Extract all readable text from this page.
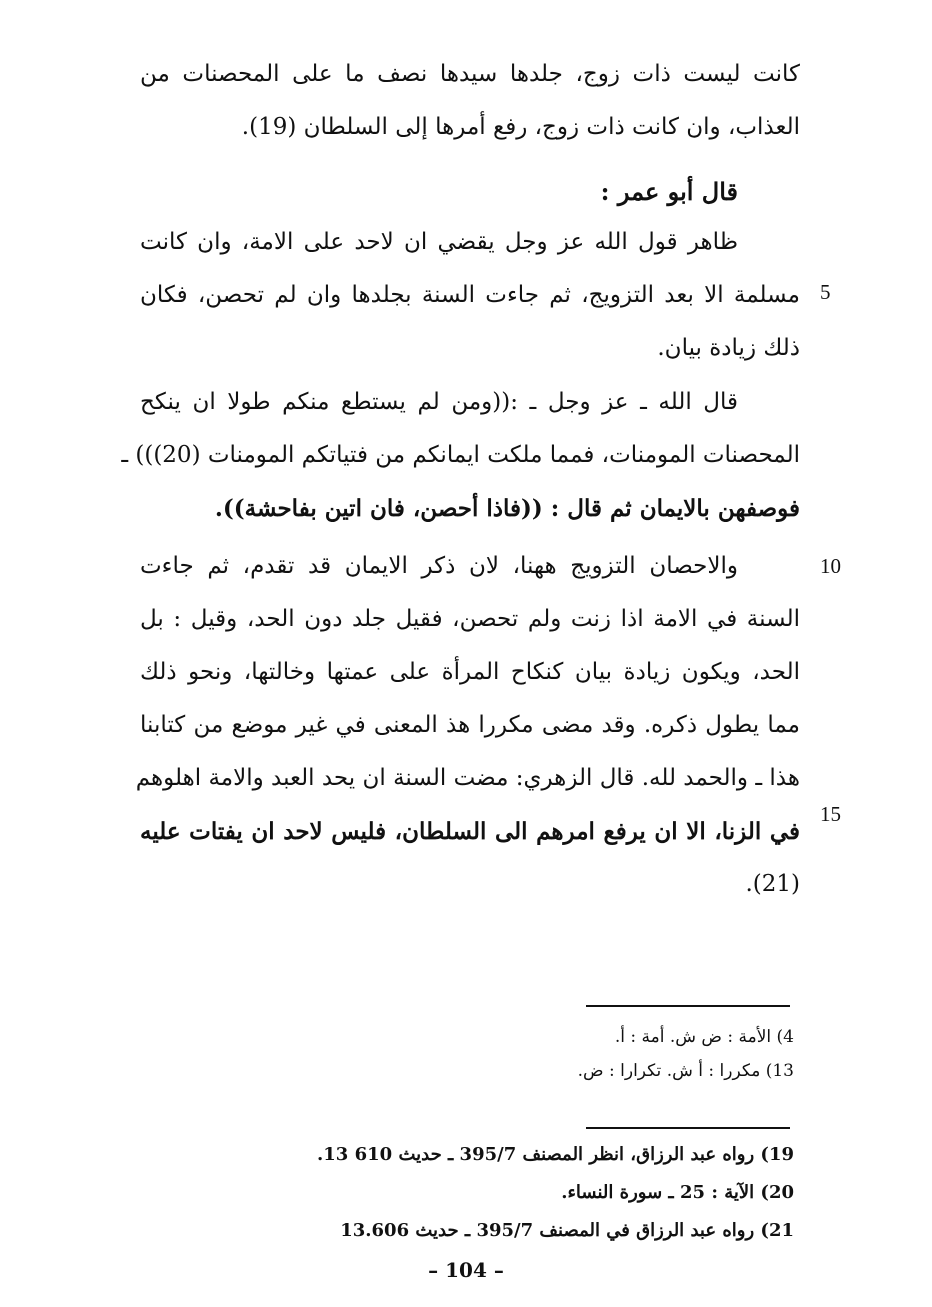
كانت ليست ذات زوج، جلدها سيدها نصف ما على المحصنات من
العذاب، وان كانت ذات زوج، رفع أمرها إلى السلطان (19).
قال أبو عمر :
ظاهر قول الله عز وجل يقضي ان لاحد على الامة، وان كانت
مسلمة الا بعد التزويج، ثم جاءت السنة بجلدها وان لم تحصن، فكان
ذلك زيادة بيان.
قال الله ـ عز وجل ـ :((ومن لم يستطع منكم طولا ان ينكح
المحصنات المومنات، فمما ملكت ايمانكم من فتياتكم المومنات (20))) ـ
فوصفهن بالايمان ثم قال : ((فاذا أحصن، فان اتين بفاحشة)).
والاحصان التزويج ههنا، لان ذكر الايمان قد تقدم، ثم جاءت
السنة في الامة اذا زنت ولم تحصن، فقيل جلد دون الحد، وقيل : بل
الحد، ويكون زيادة بيان كنكاح المرأة على عمتها وخالتها، ونحو ذلك
مما يطول ذكره. وقد مضى مكررا هذ المعنى في غير موضع من كتابنا
هذا ـ والحمد لله. قال الزهري: مضت السنة ان يحد العبد والامة اهلوهم
في الزنا، الا ان يرفع امرهم الى السلطان، فليس لاحد ان يفتات عليه
(21).
5
10
15
4) الأمة : ض ش. أمة : أ.
13) مكررا : أ ش. تكرارا : ض.
19) رواه عبد الرزاق، انظر المصنف 395/7 ـ حديث 610 13.
20) الآية : 25 ـ سورة النساء.
21) رواه عبد الرزاق في المصنف 395/7 ـ حديث 13.606
– 104 –
